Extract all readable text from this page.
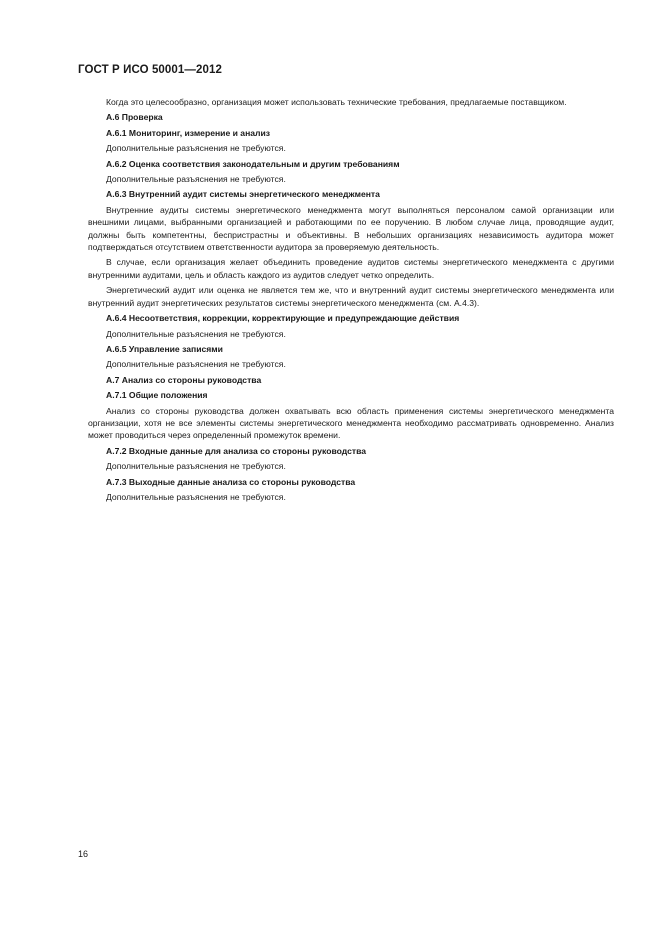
ГОСТ Р ИСО 50001—2012

Когда это целесообразно, организация может использовать технические требования, предлагаемые поставщиком.

А.6 Проверка
А.6.1 Мониторинг, измерение и анализ

Дополнительные разъяснения не требуются.

А.6.2 Оценка соответствия законодательным и другим требованиям

Дополнительные разъяснения не требуются.

А.6.3 Внутренний аудит системы энергетического менеджмента

Внутренние аудиты системы энергетического менеджмента могут выполняться персоналом самой организации или внешними лицами, выбранными организацией и работающими по ее поручению. В любом случае лица, проводящие аудит, должны быть компетентны, беспристрастны и объективны. В небольших организациях независимость аудитора может подтверждаться отсутствием ответственности аудитора за проверяемую деятельность.

В случае, если организация желает объединить проведение аудитов системы энергетического менеджмента с другими внутренними аудитами, цель и область каждого из аудитов следует четко определить.

Энергетический аудит или оценка не является тем же, что и внутренний аудит системы энергетического менеджмента или внутренний аудит энергетических результатов системы энергетического менеджмента (см. А.4.3).

А.6.4 Несоответствия, коррекции, корректирующие и предупреждающие действия

Дополнительные разъяснения не требуются.

А.6.5 Управление записями

Дополнительные разъяснения не требуются.

А.7 Анализ со стороны руководства
А.7.1 Общие положения

Анализ со стороны руководства должен охватывать всю область применения системы энергетического менеджмента организации, хотя не все элементы системы энергетического менеджмента необходимо рассматривать одновременно. Анализ может проводиться через определенный промежуток времени.

А.7.2 Входные данные для анализа со стороны руководства

Дополнительные разъяснения не требуются.

А.7.3 Выходные данные анализа со стороны руководства

Дополнительные разъяснения не требуются.

16
